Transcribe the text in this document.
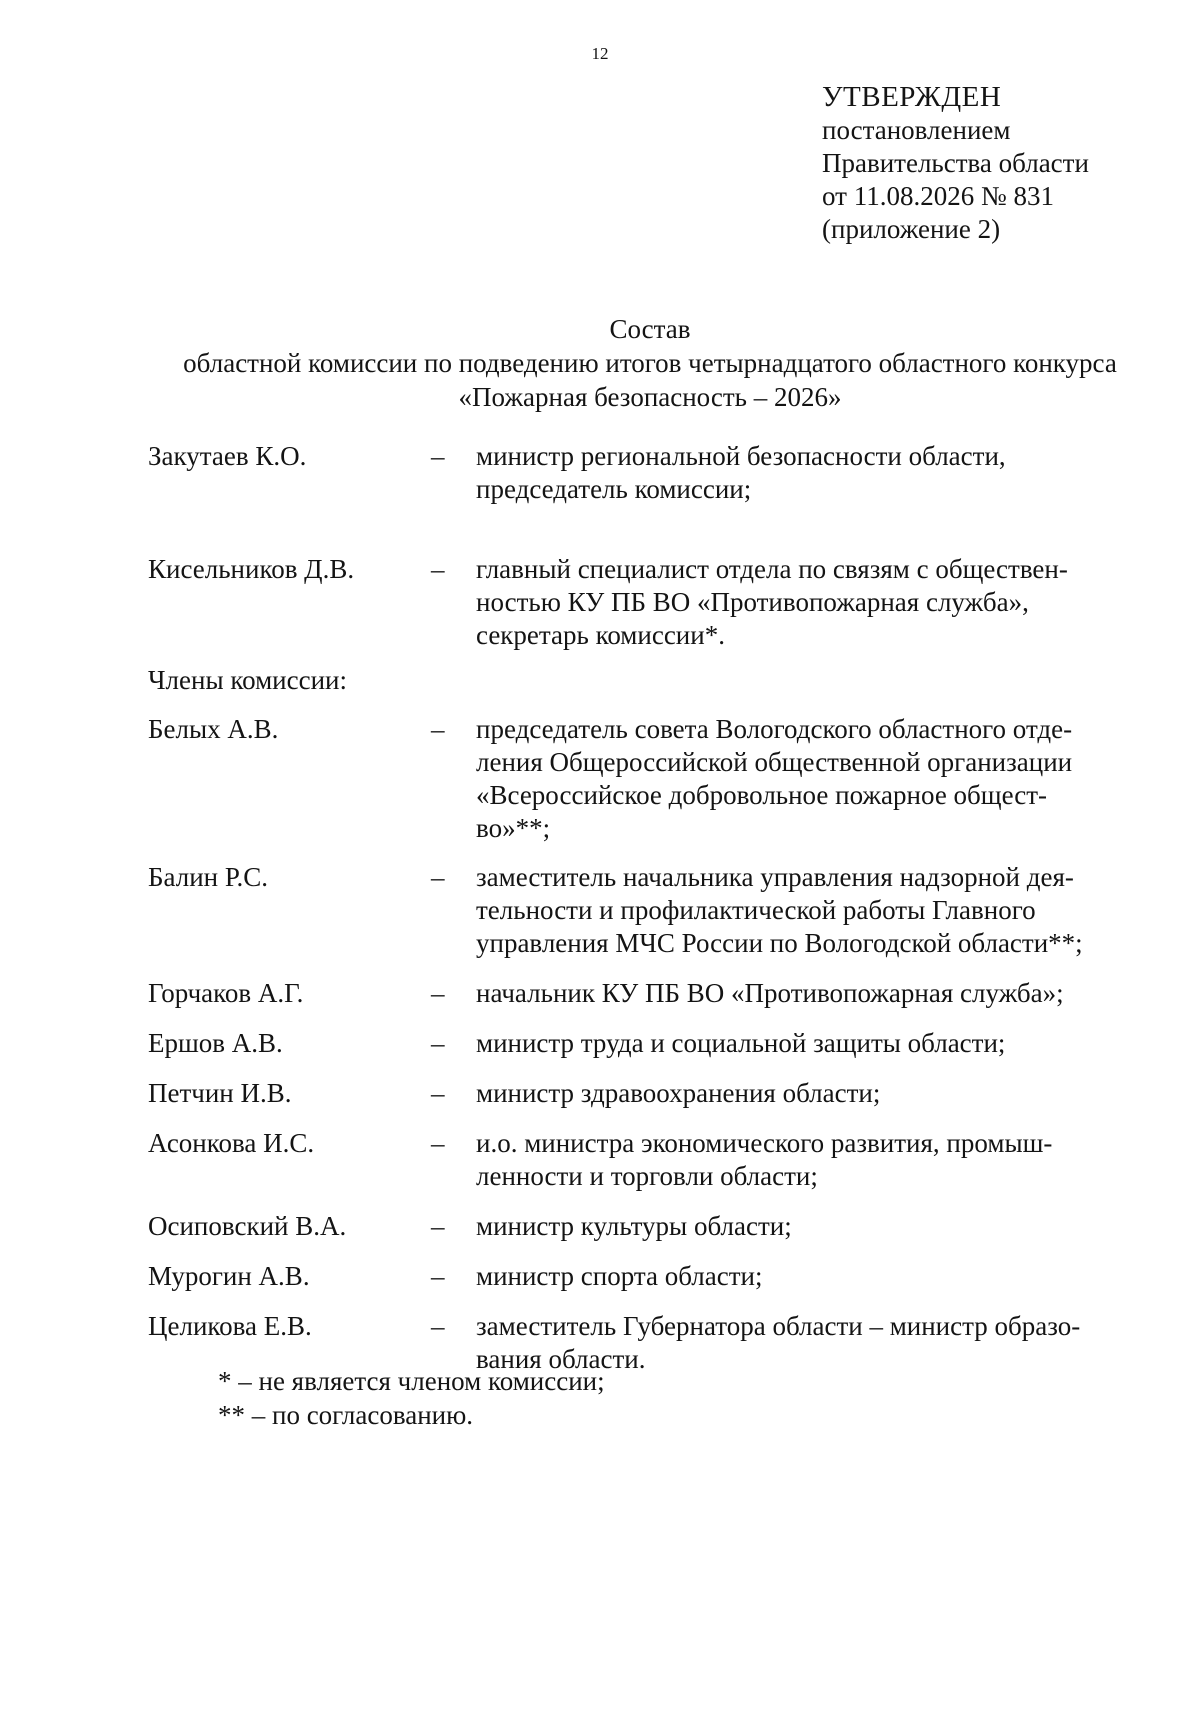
12
УТВЕРЖДЕН
постановлением
Правительства области
от 11.08.2026 № 831
(приложение 2)
Состав
областной комиссии по подведению итогов четырнадцатого областного конкурса
«Пожарная безопасность – 2026»
Закутаев К.О.	–	министр региональной безопасности области,
председатель комиссии;
Кисельников Д.В.	–	главный специалист отдела по связям с обществен-
ностью КУ ПБ ВО «Противопожарная служба»,
секретарь комиссии*.
Члены комиссии:
Белых А.В.	–	председатель совета Вологодского областного отде-
ления Общероссийской общественной организации
«Всероссийское добровольное пожарное общест-
во»**;
Балин Р.С.	–	заместитель начальника управления надзорной дея-
тельности и профилактической работы Главного
управления МЧС России по Вологодской области**;
Горчаков А.Г.	–	начальник КУ ПБ ВО «Противопожарная служба»;
Ершов А.В.	–	министр труда и социальной защиты области;
Петчин И.В.	–	министр здравоохранения области;
Асонкова И.С.	–	и.о. министра экономического развития, промыш-
ленности и торговли области;
Осиповский В.А.	–	министр культуры области;
Мурогин А.В.	–	министр спорта области;
Целикова Е.В.	–	заместитель Губернатора области – министр образо-
вания области.
* – не является членом комиссии;
** – по согласованию.
